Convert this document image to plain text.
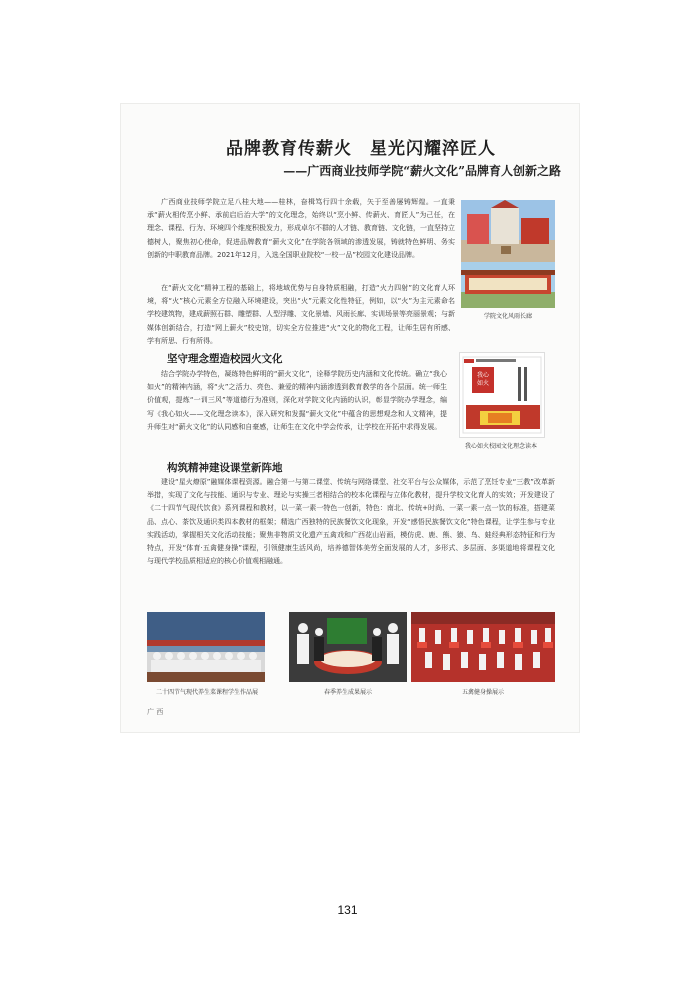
品牌教育传薪火　星光闪耀淬匠人
——广西商业技师学院“薪火文化”品牌育人创新之路

广西商业技师学院立足八桂大地——桂林，奋楫笃行四十余载，矢于至善屡铸辉煌。一直秉承“薪火相传烹小鲜、承前启后治大学”的文化理念，始终以“烹小鲜、传薪火、育匠人”为己任，在理念、课程、行为、环境四个维度积极发力，形成卓尔不群的人才链、教育链、文化链，一直坚持立德树人，聚焦初心使命，促进品牌教育“薪火文化”在学院各领域的渗透发展，铸就特色鲜明、务实创新的中职教育品牌。2021年12月，入选全国职业院校“一校一品”校园文化建设品牌。

学院文化风雨长廊

在“薪火文化”精神工程的基础上，将地域优势与自身特质相融，打造“火力四射”的文化育人环境，将“火”核心元素全方位融入环境建设，突出“火”元素文化性特征，例如，以“火”为主元素命名学校建筑物，建成薪照石群、雕塑群、人型浮雕、文化景墙、风雨长廊、实训场景等亮丽景观；与新媒体创新结合，打造“网上薪火”校史馆，切实全方位推进“火”文化的物化工程，让师生居有所感、学有所思、行有所得。

坚守理念塑造校园火文化

结合学院办学特色，凝练特色鲜明的“薪火文化”，诠释学院历史内涵和文化传统。确立“我心如火”的精神内涵，将“火”之活力、亮色、兼爱的精神内涵渗透到教育教学的各个层面。统一师生价值观，提炼“一训三风”等道德行为准则，深化对学院文化内涵的认识，彰显学院办学理念，编写《我心如火——文化理念读本》，深入研究和发掘“薪火文化”中蕴含的思想观念和人文精神，提升师生对“薪火文化”的认同感和自豪感，让师生在文化中学会传承，让学校在开拓中求得发展。

我心
如火
我心如火校园文化理念读本
构筑精神建设课堂新阵地

建设“星火燎原”融媒体课程资源。融合第一与第二课堂、传统与网络课堂、社交平台与公众媒体，示范了烹饪专业“三教”改革新举措，实现了文化与技能、通识与专业、理论与实操三者相结合的校本化课程与立体化教材，提升学校文化育人的实效；开发建设了《二十四节气现代饮食》系列课程和教材，以一菜一素一特色一创新，特色：南北、传统+时尚、一菜一素一点一饮的标准，搭建菜品、点心、茶饮及通识类四本教材的框架；精选广西独特的民族餐饮文化现象，开发“感悟民族餐饮文化”特色课程，让学生参与专业实践活动，掌握相关文化活动技能；聚焦非物质文化遗产五禽戏和广西花山岩画，模仿虎、鹿、熊、猿、鸟、蛙经典形态特征和行为特点，开发“体育·五禽健身操”课程，引领健康生活风尚，培养德智体美劳全面发展的人才，多形式、多层面、多渠道地将课程文化与现代学校品质相适应的核心价值观相融通。

二十四节气现代养生菜课程学生作品展	春季养生成果展示	五禽健身操展示
广 西
131
